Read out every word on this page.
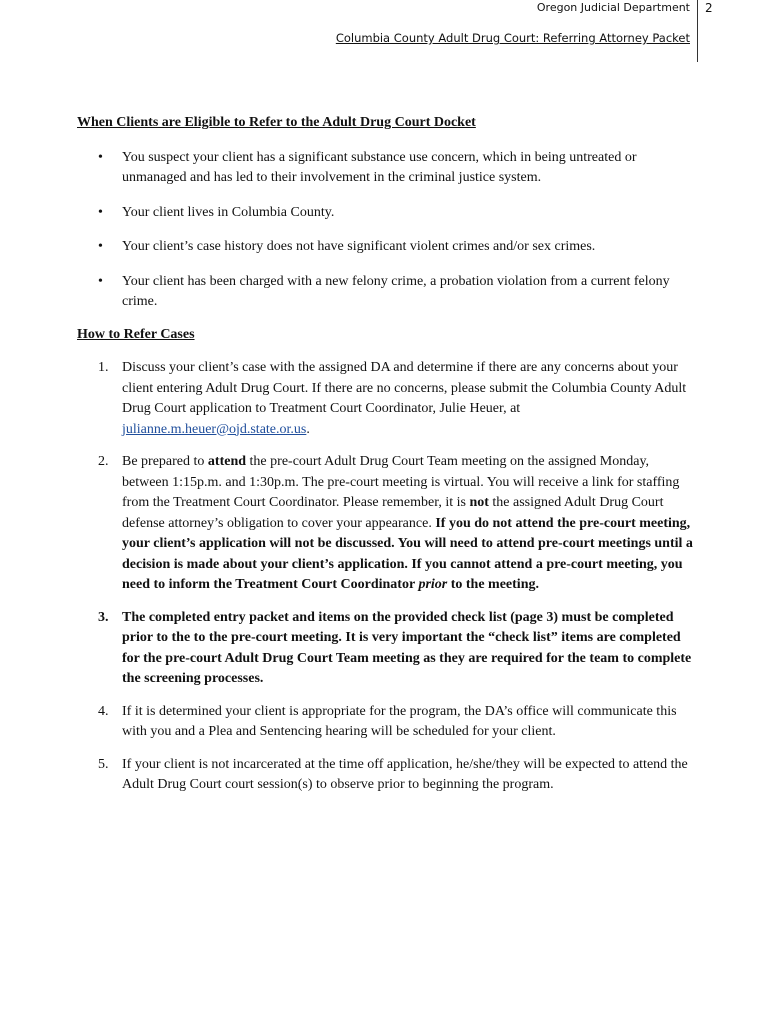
Oregon Judicial Department 2
Columbia County Adult Drug Court: Referring Attorney Packet
When Clients are Eligible to Refer to the Adult Drug Court Docket
• You suspect your client has a significant substance use concern, which in being untreated or unmanaged and has led to their involvement in the criminal justice system.
• Your client lives in Columbia County.
• Your client’s case history does not have significant violent crimes and/or sex crimes.
• Your client has been charged with a new felony crime, a probation violation from a current felony crime.
How to Refer Cases
1. Discuss your client’s case with the assigned DA and determine if there are any concerns about your client entering Adult Drug Court. If there are no concerns, please submit the Columbia County Adult Drug Court application to Treatment Court Coordinator, Julie Heuer, at julianne.m.heuer@ojd.state.or.us.
2. Be prepared to attend the pre-court Adult Drug Court Team meeting on the assigned Monday, between 1:15p.m. and 1:30p.m. The pre-court meeting is virtual. You will receive a link for staffing from the Treatment Court Coordinator. Please remember, it is not the assigned Adult Drug Court defense attorney’s obligation to cover your appearance. If you do not attend the pre-court meeting, your client’s application will not be discussed. You will need to attend pre-court meetings until a decision is made about your client’s application. If you cannot attend a pre-court meeting, you need to inform the Treatment Court Coordinator prior to the meeting.
3. The completed entry packet and items on the provided check list (page 3) must be completed prior to the to the pre-court meeting. It is very important the “check list” items are completed for the pre-court Adult Drug Court Team meeting as they are required for the team to complete the screening processes.
4. If it is determined your client is appropriate for the program, the DA’s office will communicate this with you and a Plea and Sentencing hearing will be scheduled for your client.
5. If your client is not incarcerated at the time off application, he/she/they will be expected to attend the Adult Drug Court court session(s) to observe prior to beginning the program.
